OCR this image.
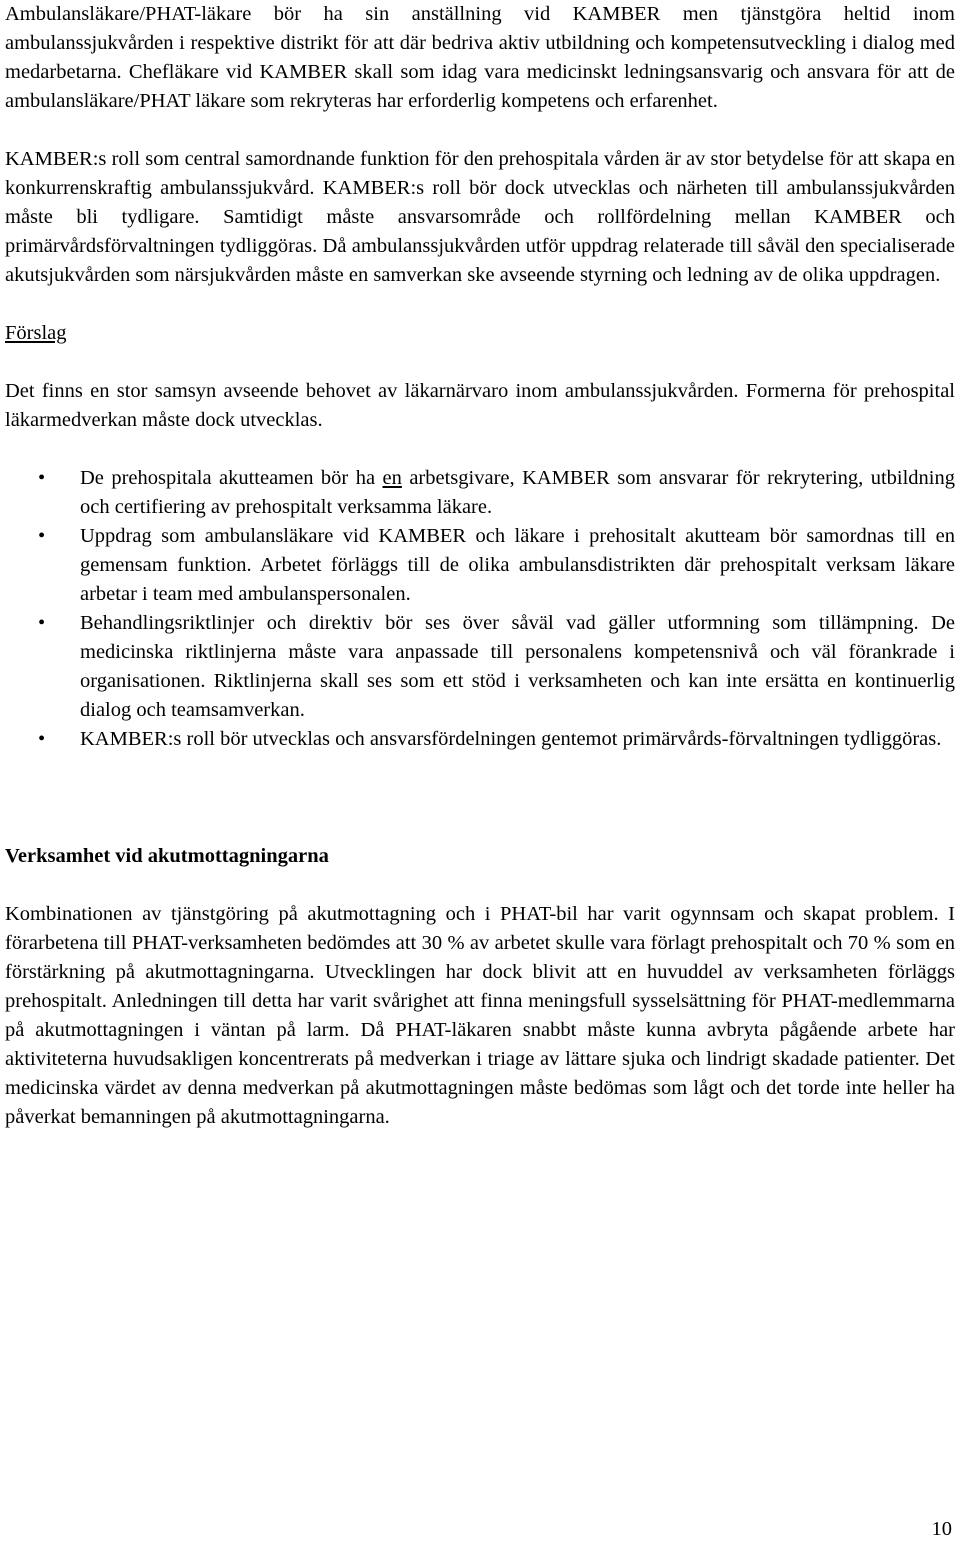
Ambulansläkare/PHAT-läkare bör ha sin anställning vid KAMBER men tjänstgöra heltid inom ambulanssjukvården i respektive distrikt för att där bedriva aktiv utbildning och kompetensutveckling i dialog med medarbetarna. Chefläkare vid KAMBER skall som idag vara medicinskt ledningsansvarig och ansvara för att de ambulansläkare/PHAT läkare som rekryteras har erforderlig kompetens och erfarenhet.

KAMBER:s roll som central samordnande funktion för den prehospitala vården är av stor betydelse för att skapa en konkurrenskraftig ambulanssjukvård. KAMBER:s roll bör dock utvecklas och närheten till ambulanssjukvården måste bli tydligare. Samtidigt måste ansvarsområde och rollfördelning mellan KAMBER och primärvårdsförvaltningen tydliggöras. Då ambulanssjukvården utför uppdrag relaterade till såväl den specialiserade akutsjukvården som närsjukvården måste en samverkan ske avseende styrning och ledning av de olika uppdragen.

Förslag

Det finns en stor samsyn avseende behovet av läkarnärvaro inom ambulanssjukvården. Formerna för prehospital läkarmedverkan måste dock utvecklas.

• De prehospitala akutteamen bör ha en arbetsgivare, KAMBER som ansvarar för rekrytering, utbildning och certifiering av prehospitalt verksamma läkare.
• Uppdrag som ambulansläkare vid KAMBER och läkare i prehositalt akutteam bör samordnas till en gemensam funktion. Arbetet förläggs till de olika ambulansdistrikten där prehospitalt verksam läkare arbetar i team med ambulanspersonalen.
• Behandlingsriktlinjer och direktiv bör ses över såväl vad gäller utformning som tillämpning. De medicinska riktlinjerna måste vara anpassade till personalens kompetensnivå och väl förankrade i organisationen. Riktlinjerna skall ses som ett stöd i verksamheten och kan inte ersätta en kontinuerlig dialog och teamsamverkan.
• KAMBER:s roll bör utvecklas och ansvarsfördelningen gentemot primärvårds-förvaltningen tydliggöras.

Verksamhet vid akutmottagningarna

Kombinationen av tjänstgöring på akutmottagning och i PHAT-bil har varit ogynnsam och skapat problem. I förarbetena till PHAT-verksamheten bedömdes att 30 % av arbetet skulle vara förlagt prehospitalt och 70 % som en förstärkning på akutmottagningarna. Utvecklingen har dock blivit att en huvuddel av verksamheten förläggs prehospitalt. Anledningen till detta har varit svårighet att finna meningsfull sysselsättning för PHAT-medlemmarna på akutmottagningen i väntan på larm. Då PHAT-läkaren snabbt måste kunna avbryta pågående arbete har aktiviteterna huvudsakligen koncentrerats på medverkan i triage av lättare sjuka och lindrigt skadade patienter. Det medicinska värdet av denna medverkan på akutmottagningen måste bedömas som lågt och det torde inte heller ha påverkat bemanningen på akutmottagningarna.

10
